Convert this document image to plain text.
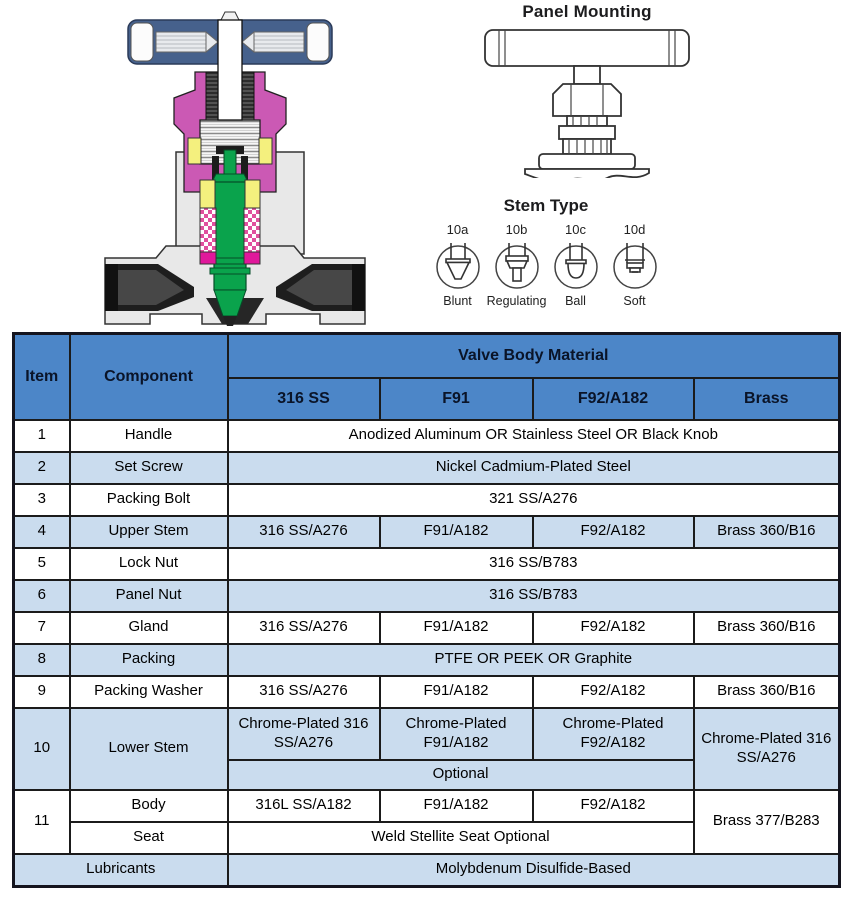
Panel Mounting
Stem Type
10a
Blunt
10b
Regulating
10c
Ball
10d
Soft
Item	Component	Valve Body Material			
		316 SS	F91	F92/A182	Brass
1	Handle	Anodized Aluminum OR Stainless Steel OR Black Knob			
2	Set Screw	Nickel Cadmium-Plated Steel			
3	Packing Bolt	321 SS/A276			
4	Upper Stem	316 SS/A276	F91/A182	F92/A182	Brass 360/B16
5	Lock Nut	316 SS/B783			
6	Panel Nut	316 SS/B783			
7	Gland	316 SS/A276	F91/A182	F92/A182	Brass 360/B16
8	Packing	PTFE OR PEEK OR Graphite			
9	Packing Washer	316 SS/A276	F91/A182	F92/A182	Brass 360/B16
10	Lower Stem	Chrome-Plated 316 SS/A276	Chrome-Plated F91/A182	Chrome-Plated F92/A182	Chrome-Plated 316 SS/A276
		Optional			
11	Body	316L SS/A182	F91/A182	F92/A182	Brass 377/B283
	Seat	Weld Stellite Seat Optional			
Lubricants		Molybdenum Disulfide-Based			
